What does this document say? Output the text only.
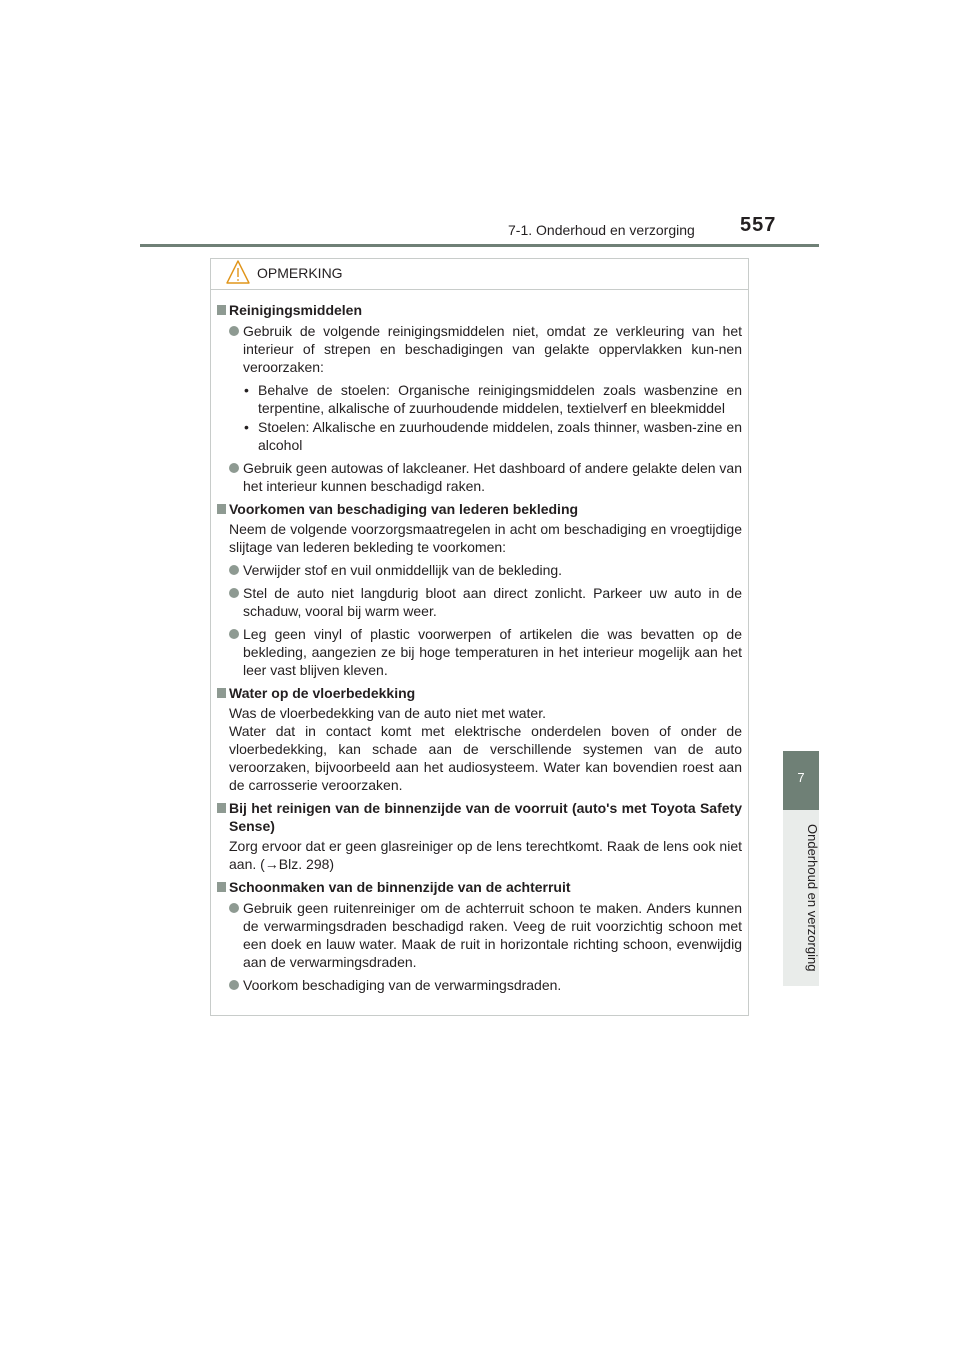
7-1. Onderhoud en verzorging 557
7
Onderhoud en verzorging
OPMERKING
Reinigingsmiddelen
Gebruik de volgende reinigingsmiddelen niet, omdat ze verkleuring van het interieur of strepen en beschadigingen van gelakte oppervlakken kun-nen veroorzaken:
• Behalve de stoelen: Organische reinigingsmiddelen zoals wasbenzine en terpentine, alkalische of zuurhoudende middelen, textielverf en bleekmiddel
• Stoelen: Alkalische en zuurhoudende middelen, zoals thinner, wasben-zine en alcohol
Gebruik geen autowas of lakcleaner. Het dashboard of andere gelakte delen van het interieur kunnen beschadigd raken.
Voorkomen van beschadiging van lederen bekleding
Neem de volgende voorzorgsmaatregelen in acht om beschadiging en vroegtijdige slijtage van lederen bekleding te voorkomen:
Verwijder stof en vuil onmiddellijk van de bekleding.
Stel de auto niet langdurig bloot aan direct zonlicht. Parkeer uw auto in de schaduw, vooral bij warm weer.
Leg geen vinyl of plastic voorwerpen of artikelen die was bevatten op de bekleding, aangezien ze bij hoge temperaturen in het interieur mogelijk aan het leer vast blijven kleven.
Water op de vloerbedekking
Was de vloerbedekking van de auto niet met water.
Water dat in contact komt met elektrische onderdelen boven of onder de vloerbedekking, kan schade aan de verschillende systemen van de auto veroorzaken, bijvoorbeeld aan het audiosysteem. Water kan bovendien roest aan de carrosserie veroorzaken.
Bij het reinigen van de binnenzijde van de voorruit (auto's met Toyota Safety Sense)
Zorg ervoor dat er geen glasreiniger op de lens terechtkomt. Raak de lens ook niet aan. (→Blz. 298)
Schoonmaken van de binnenzijde van de achterruit
Gebruik geen ruitenreiniger om de achterruit schoon te maken. Anders kunnen de verwarmingsdraden beschadigd raken. Veeg de ruit voorzichtig schoon met een doek en lauw water. Maak de ruit in horizontale richting schoon, evenwijdig aan de verwarmingsdraden.
Voorkom beschadiging van de verwarmingsdraden.
